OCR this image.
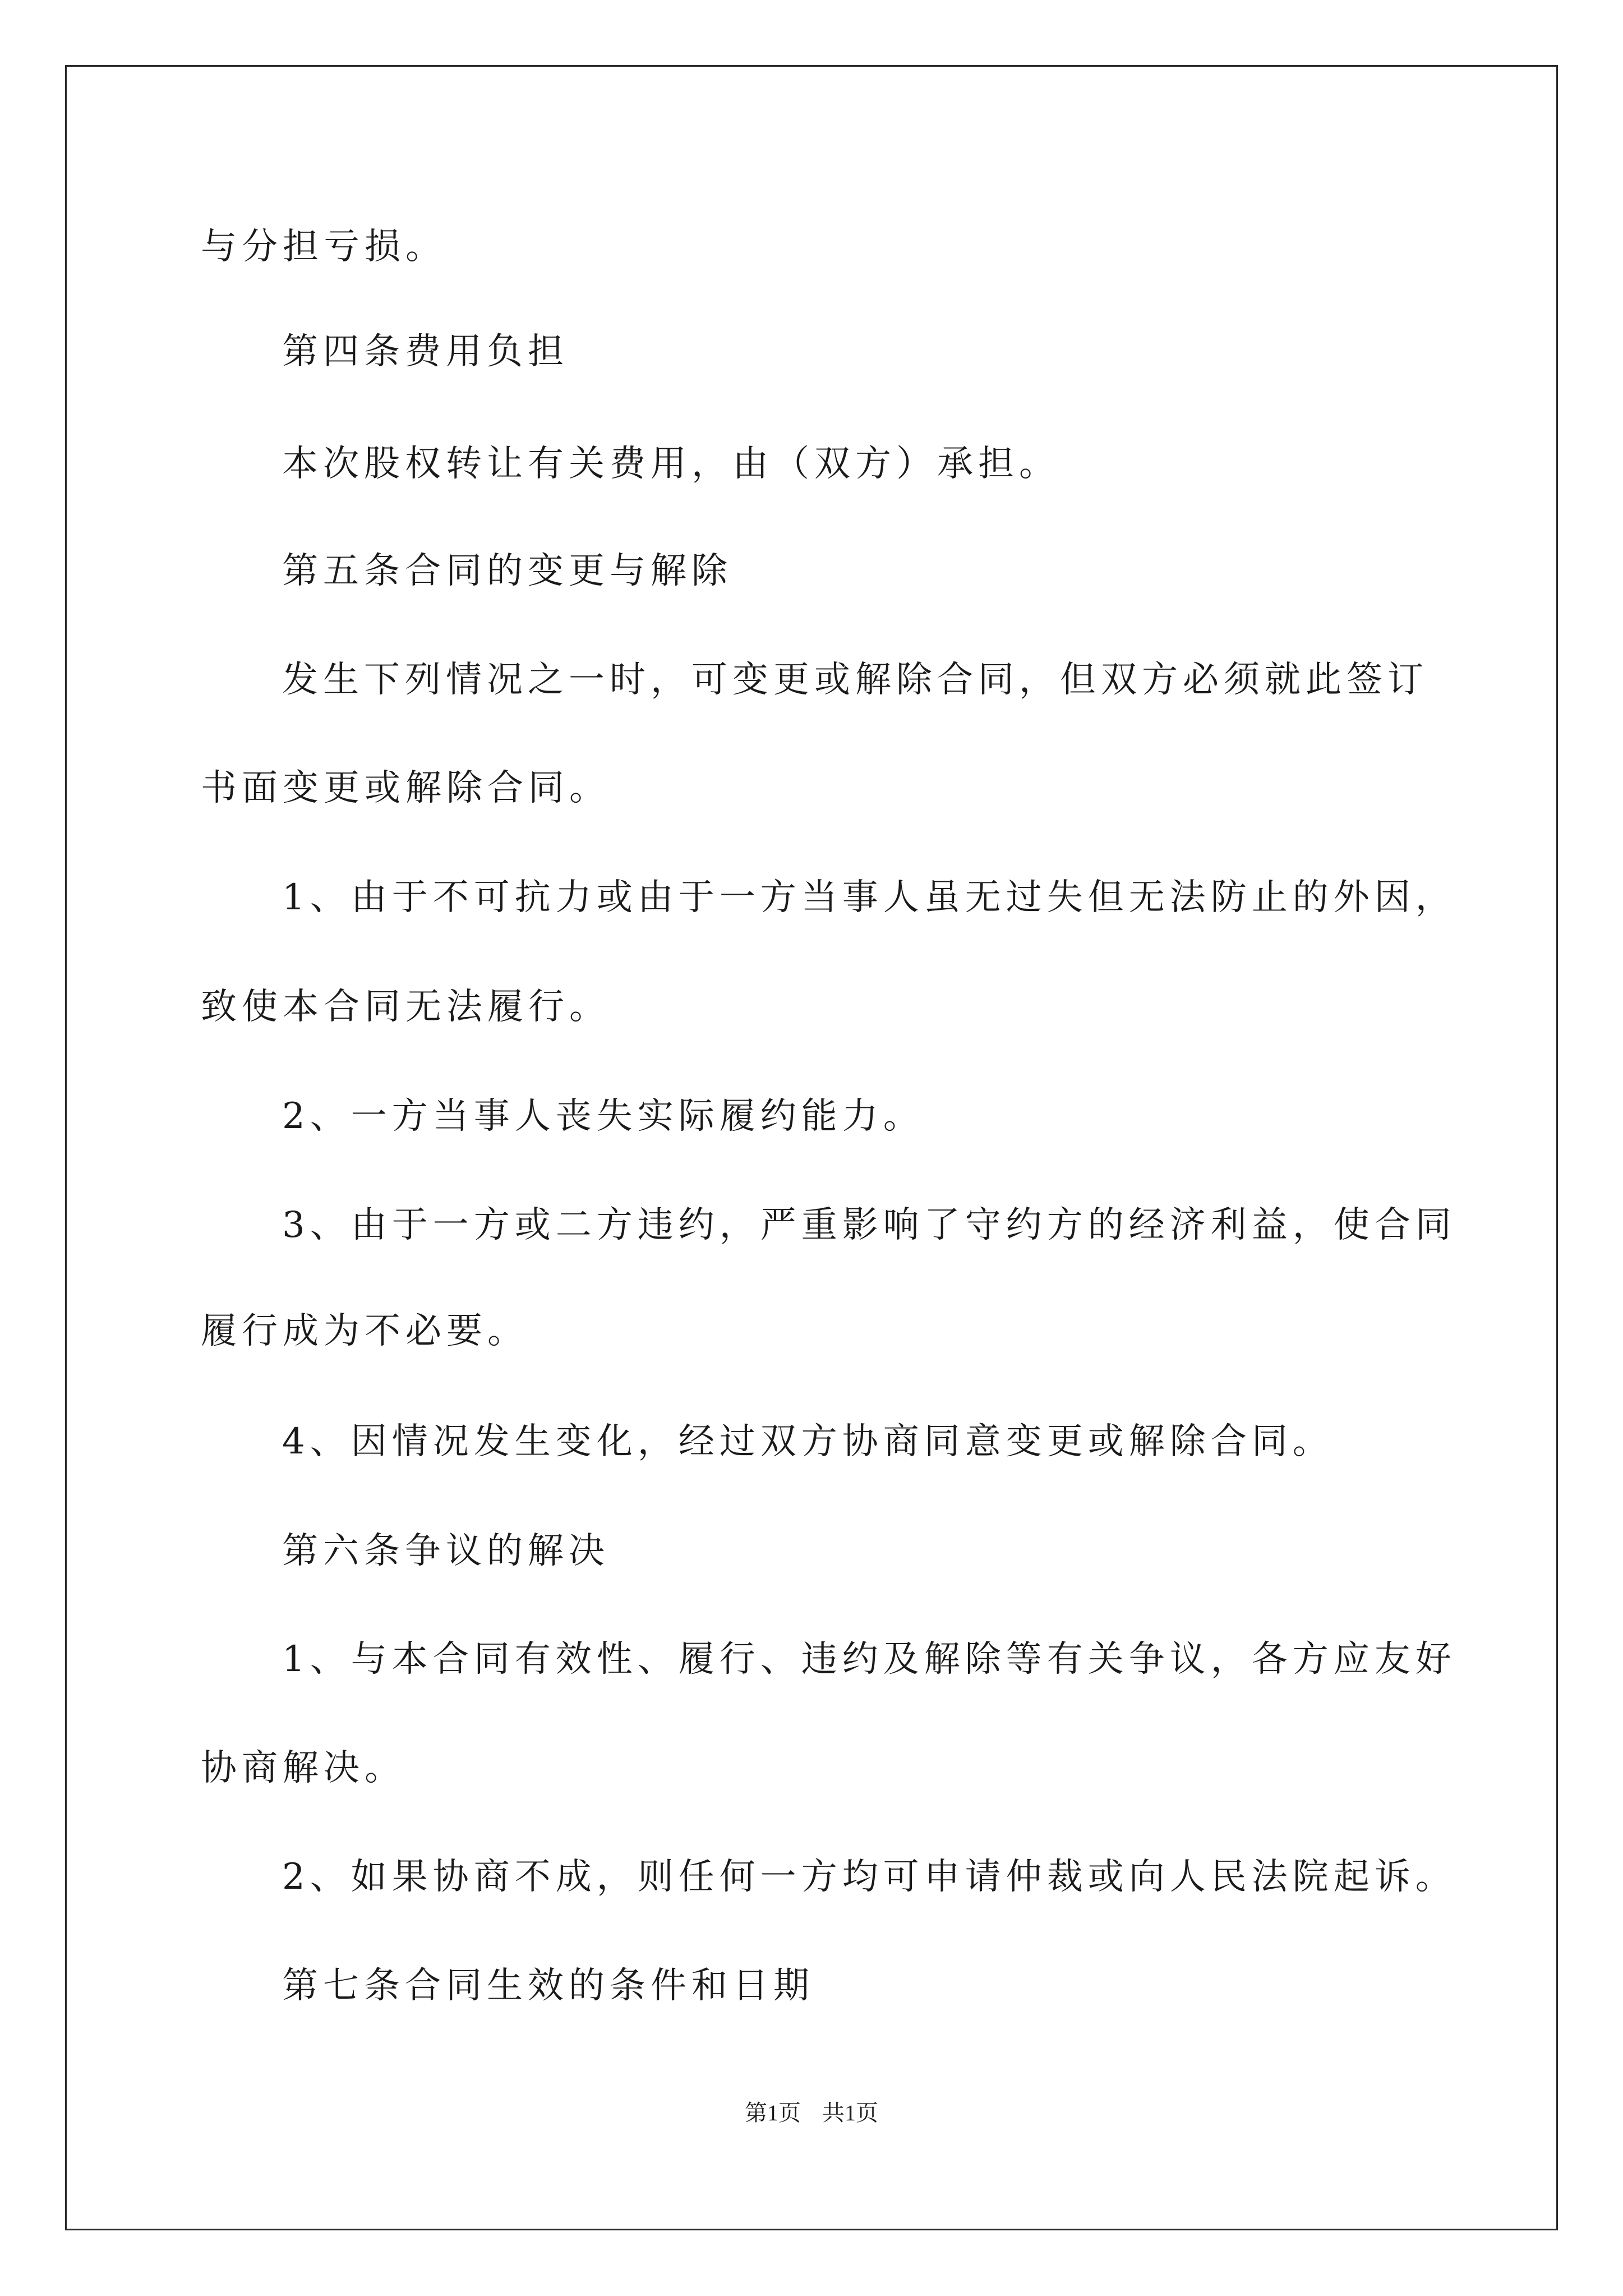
与分担亏损。

第四条费用负担

本次股权转让有关费用，由（双方）承担。

第五条合同的变更与解除

发生下列情况之一时，可变更或解除合同，但双方必须就此签订

书面变更或解除合同。

1、由于不可抗力或由于一方当事人虽无过失但无法防止的外因，

致使本合同无法履行。

2、一方当事人丧失实际履约能力。

3、由于一方或二方违约，严重影响了守约方的经济利益，使合同

履行成为不必要。

4、因情况发生变化，经过双方协商同意变更或解除合同。

第六条争议的解决

1、与本合同有效性、履行、违约及解除等有关争议，各方应友好

协商解决。

2、如果协商不成，则任何一方均可申请仲裁或向人民法院起诉。

第七条合同生效的条件和日期

第1页 共1页
